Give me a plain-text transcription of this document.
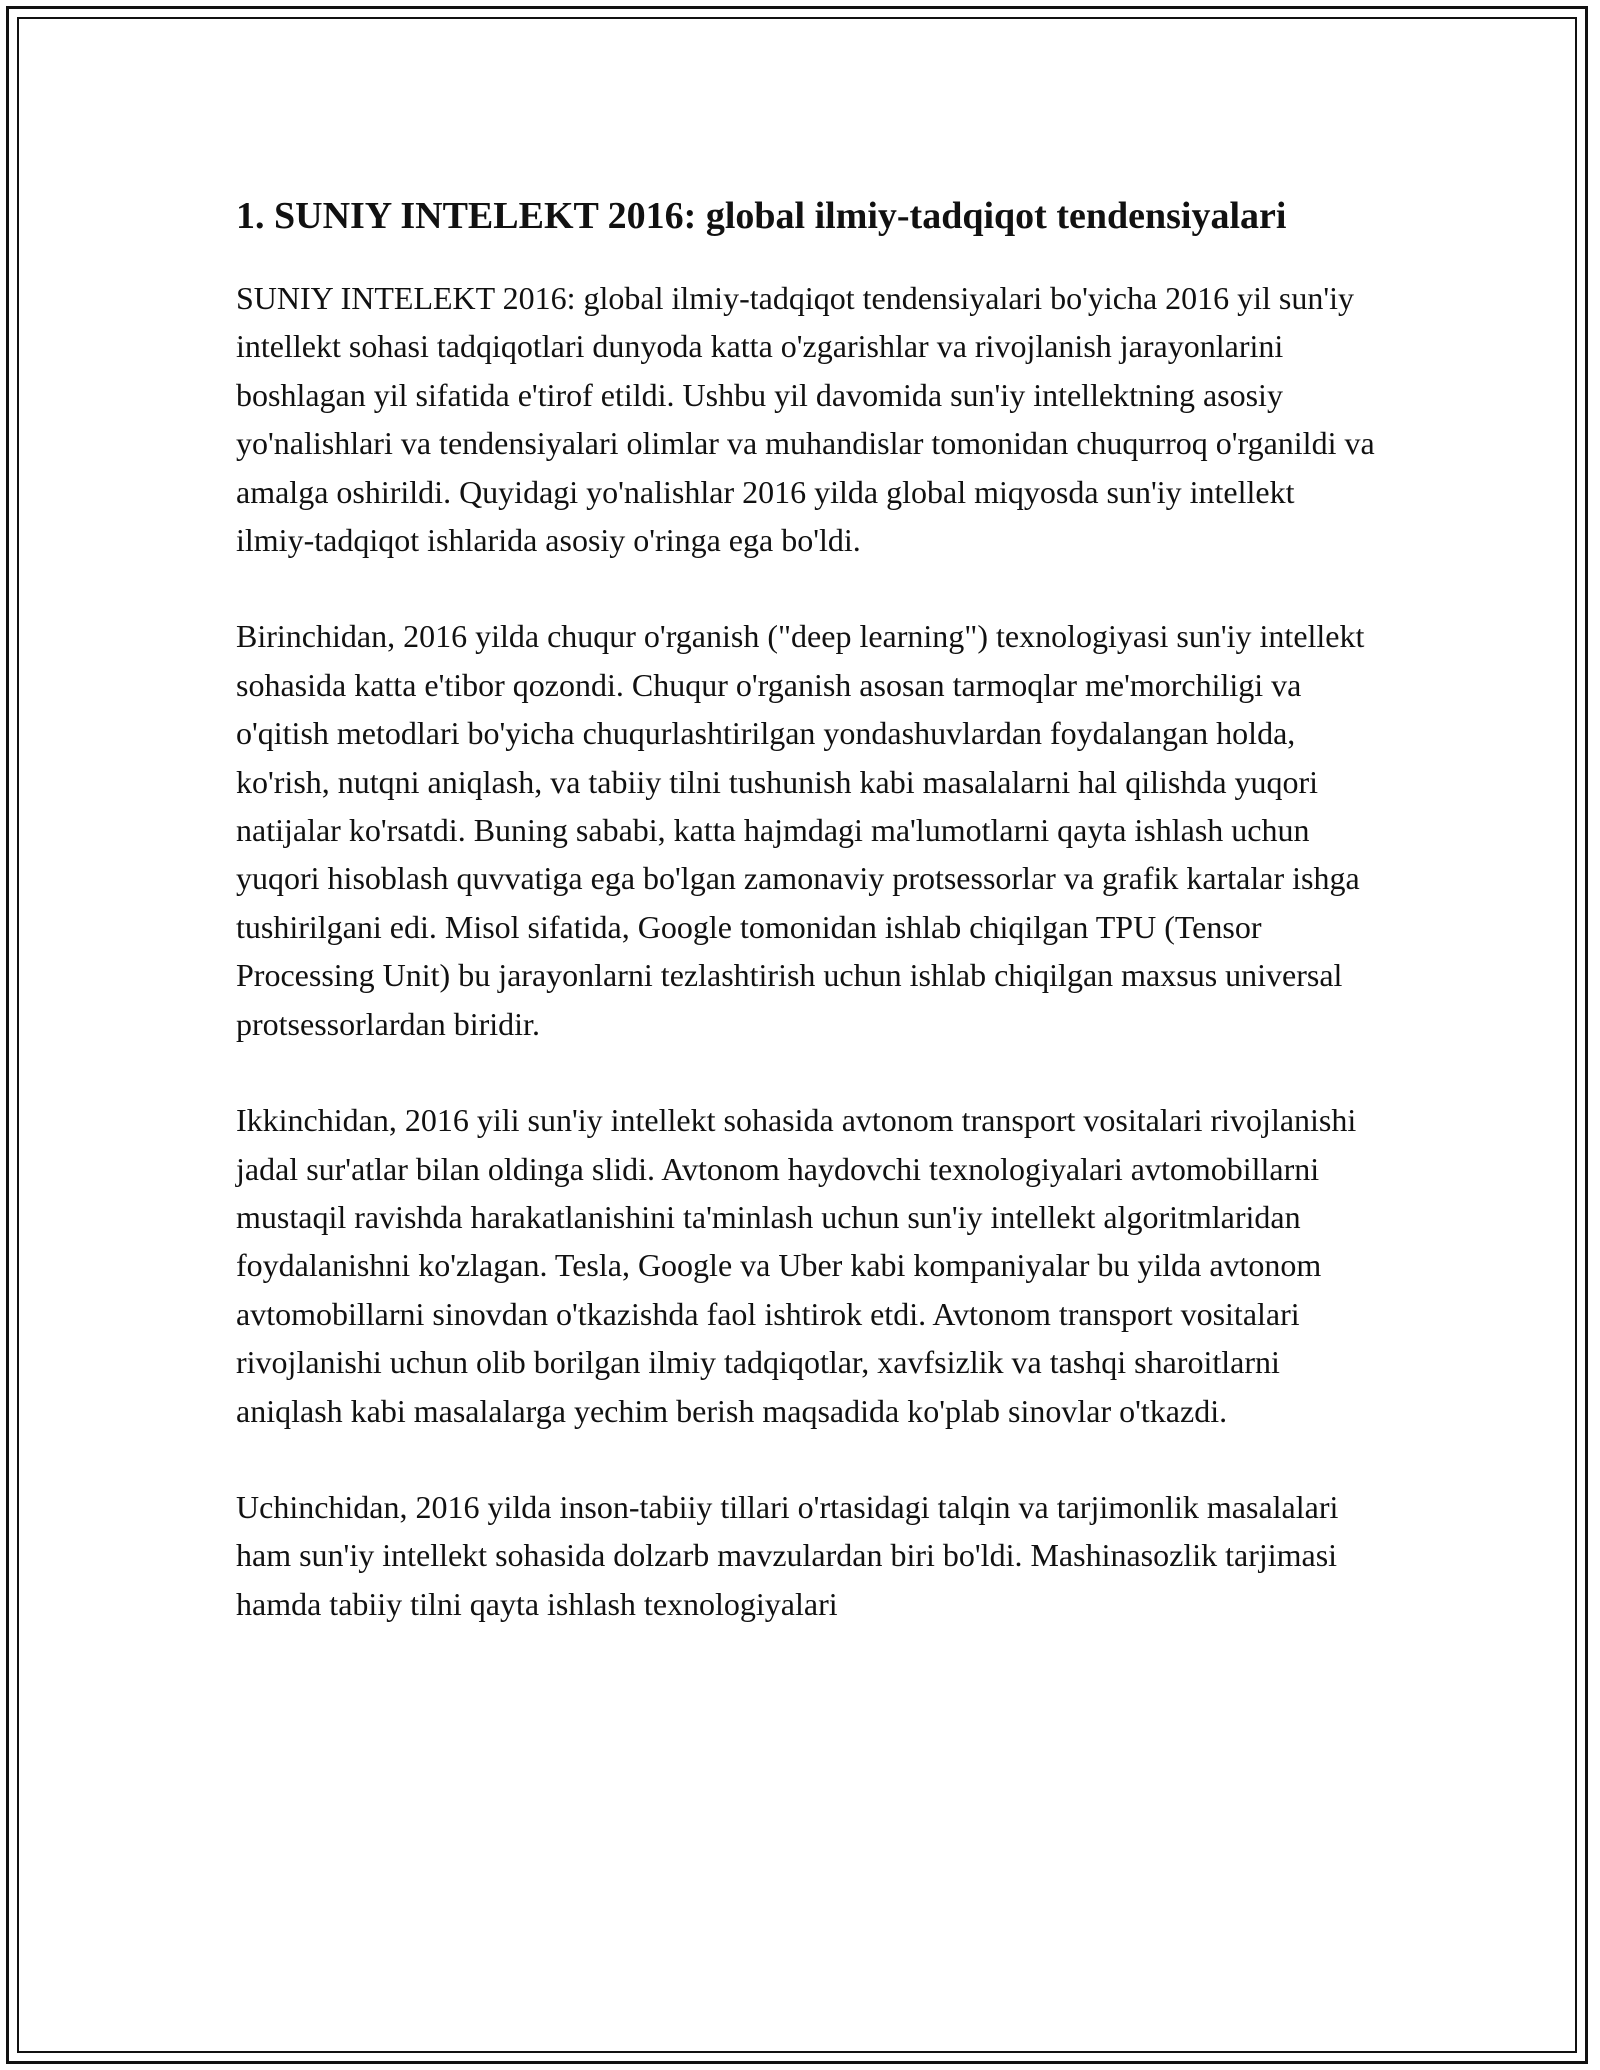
1. SUNIY INTELEKT 2016: global ilmiy-tadqiqot tendensiyalari

SUNIY INTELEKT 2016: global ilmiy-tadqiqot tendensiyalari bo'yicha 2016 yil sun'iy intellekt sohasi tadqiqotlari dunyoda katta o'zgarishlar va rivojlanish jarayonlarini boshlagan yil sifatida e'tirof etildi. Ushbu yil davomida sun'iy intellektning asosiy yo'nalishlari va tendensiyalari olimlar va muhandislar tomonidan chuqurroq o'rganildi va amalga oshirildi. Quyidagi yo'nalishlar 2016 yilda global miqyosda sun'iy intellekt ilmiy-tadqiqot ishlarida asosiy o'ringa ega bo'ldi.

Birinchidan, 2016 yilda chuqur o'rganish ("deep learning") texnologiyasi sun'iy intellekt sohasida katta e'tibor qozondi. Chuqur o'rganish asosan tarmoqlar me'morchiligi va o'qitish metodlari bo'yicha chuqurlashtirilgan yondashuvlardan foydalangan holda, ko'rish, nutqni aniqlash, va tabiiy tilni tushunish kabi masalalarni hal qilishda yuqori natijalar ko'rsatdi. Buning sababi, katta hajmdagi ma'lumotlarni qayta ishlash uchun yuqori hisoblash quvvatiga ega bo'lgan zamonaviy protsessorlar va grafik kartalar ishga tushirilgani edi. Misol sifatida, Google tomonidan ishlab chiqilgan TPU (Tensor Processing Unit) bu jarayonlarni tezlashtirish uchun ishlab chiqilgan maxsus universal protsessorlardan biridir.

Ikkinchidan, 2016 yili sun'iy intellekt sohasida avtonom transport vositalari rivojlanishi jadal sur'atlar bilan oldinga slidi. Avtonom haydovchi texnologiyalari avtomobillarni mustaqil ravishda harakatlanishini ta'minlash uchun sun'iy intellekt algoritmlaridan foydalanishni ko'zlagan. Tesla, Google va Uber kabi kompaniyalar bu yilda avtonom avtomobillarni sinovdan o'tkazishda faol ishtirok etdi. Avtonom transport vositalari rivojlanishi uchun olib borilgan ilmiy tadqiqotlar, xavfsizlik va tashqi sharoitlarni aniqlash kabi masalalarga yechim berish maqsadida ko'plab sinovlar o'tkazdi.

Uchinchidan, 2016 yilda inson-tabiiy tillari o'rtasidagi talqin va tarjimonlik masalalari ham sun'iy intellekt sohasida dolzarb mavzulardan biri bo'ldi. Mashinasozlik tarjimasi hamda tabiiy tilni qayta ishlash texnologiyalari
